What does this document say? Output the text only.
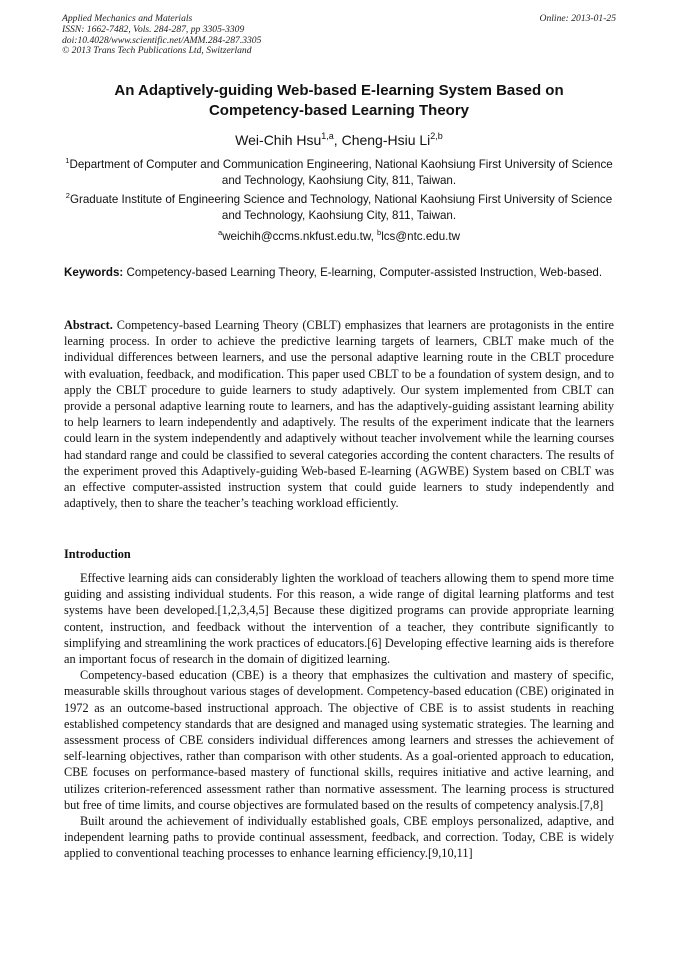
Applied Mechanics and Materials
ISSN: 1662-7482, Vols. 284-287, pp 3305-3309
doi:10.4028/www.scientific.net/AMM.284-287.3305
© 2013 Trans Tech Publications Ltd, Switzerland
Online: 2013-01-25
An Adaptively-guiding Web-based E-learning System Based on Competency-based Learning Theory
Wei-Chih Hsu$^{1,a}$, Cheng-Hsiu Li$^{2,b}$
$^1$Department of Computer and Communication Engineering, National Kaohsiung First University of Science and Technology, Kaohsiung City, 811, Taiwan.
$^2$Graduate Institute of Engineering Science and Technology, National Kaohsiung First University of Science and Technology, Kaohsiung City, 811, Taiwan.
$^a$weichih@ccms.nkfust.edu.tw, $^b$lcs@ntc.edu.tw
Keywords: Competency-based Learning Theory, E-learning, Computer-assisted Instruction, Web-based.
Abstract. Competency-based Learning Theory (CBLT) emphasizes that learners are protagonists in the entire learning process. In order to achieve the predictive learning targets of learners, CBLT make much of the individual differences between learners, and use the personal adaptive learning route in the CBLT procedure with evaluation, feedback, and modification. This paper used CBLT to be a foundation of system design, and to apply the CBLT procedure to guide learners to study adaptively. Our system implemented from CBLT can provide a personal adaptive learning route to learners, and has the adaptively-guiding assistant learning ability to help learners to learn independently and adaptively. The results of the experiment indicate that the learners could learn in the system independently and adaptively without teacher involvement while the learning courses had standard range and could be classified to several categories according the content characters. The results of the experiment proved this Adaptively-guiding Web-based E-learning (AGWBE) System based on CBLT was an effective computer-assisted instruction system that could guide learners to study independently and adaptively, then to share the teacher’s teaching workload efficiently.
Introduction

Effective learning aids can considerably lighten the workload of teachers allowing them to spend more time guiding and assisting individual students. For this reason, a wide range of digital learning platforms and test systems have been developed.[1,2,3,4,5] Because these digitized programs can provide appropriate learning content, instruction, and feedback without the intervention of a teacher, they contribute significantly to simplifying and streamlining the work practices of educators.[6] Developing effective learning aids is therefore an important focus of research in the domain of digitized learning.

Competency-based education (CBE) is a theory that emphasizes the cultivation and mastery of specific, measurable skills throughout various stages of development. Competency-based education (CBE) originated in 1972 as an outcome-based instructional approach. The objective of CBE is to assist students in reaching established competency standards that are designed and managed using systematic strategies. The learning and assessment process of CBE considers individual differences among learners and stresses the achievement of self-learning objectives, rather than comparison with other students. As a goal-oriented approach to education, CBE focuses on performance-based mastery of functional skills, requires initiative and active learning, and utilizes criterion-referenced assessment rather than normative assessment. The learning process is structured but free of time limits, and course objectives are formulated based on the results of competency analysis.[7,8]

Built around the achievement of individually established goals, CBE employs personalized, adaptive, and independent learning paths to provide continual assessment, feedback, and correction. Today, CBE is widely applied to conventional teaching processes to enhance learning efficiency.[9,10,11]
